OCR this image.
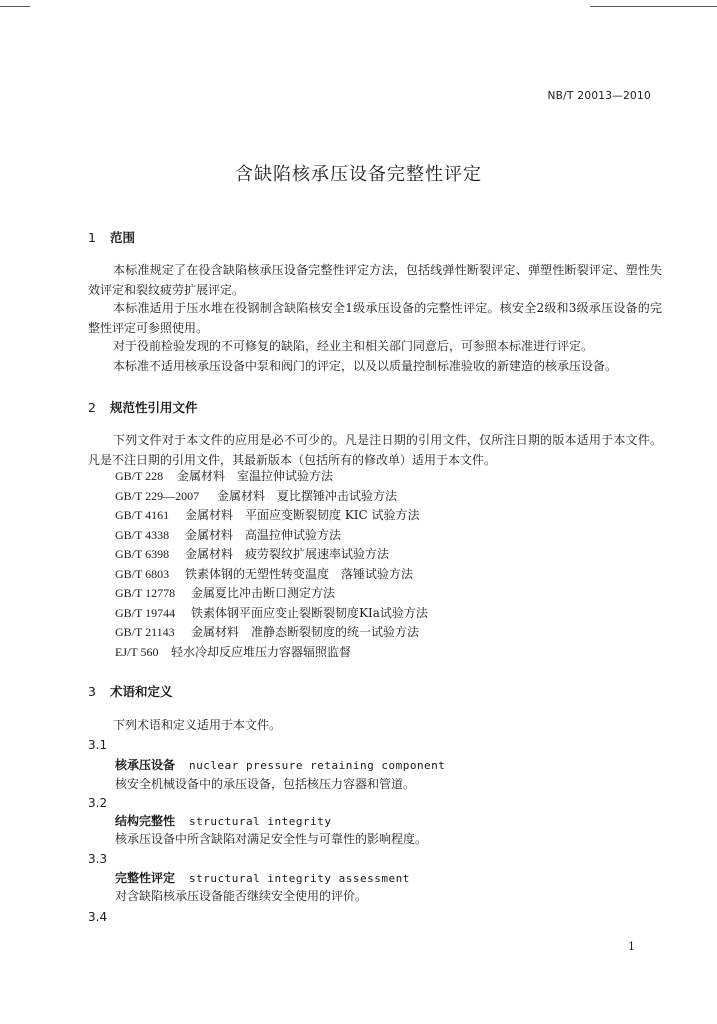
NB/T 20013—2010
含缺陷核承压设备完整性评定
1 范围
本标准规定了在役含缺陷核承压设备完整性评定方法，包括线弹性断裂评定、弹塑性断裂评定、塑性失效评定和裂纹疲劳扩展评定。
本标准适用于压水堆在役钢制含缺陷核安全1级承压设备的完整性评定。核安全2级和3级承压设备的完整性评定可参照使用。
对于役前检验发现的不可修复的缺陷，经业主和相关部门同意后，可参照本标准进行评定。
本标准不适用核承压设备中泵和阀门的评定，以及以质量控制标准验收的新建造的核承压设备。
2 规范性引用文件
下列文件对于本文件的应用是必不可少的。凡是注日期的引用文件，仅所注日期的版本适用于本文件。凡是不注日期的引用文件，其最新版本（包括所有的修改单）适用于本文件。
GB/T 228 金属材料　室温拉伸试验方法
GB/T 229—2007 金属材料　夏比摆锤冲击试验方法
GB/T 4161 金属材料　平面应变断裂韧度 KIC 试验方法
GB/T 4338 金属材料　高温拉伸试验方法
GB/T 6398 金属材料　疲劳裂纹扩展速率试验方法
GB/T 6803 铁素体钢的无塑性转变温度　落锤试验方法
GB/T 12778 金属夏比冲击断口测定方法
GB/T 19744 铁素体钢平面应变止裂断裂韧度KIa试验方法
GB/T 21143 金属材料　准静态断裂韧度的统一试验方法
EJ/T 560 轻水冷却反应堆压力容器辐照监督
3 术语和定义
下列术语和定义适用于本文件。
3.1
核承压设备 nuclear pressure retaining component
核安全机械设备中的承压设备，包括核压力容器和管道。
3.2
结构完整性 structural integrity
核承压设备中所含缺陷对满足安全性与可靠性的影响程度。
3.3
完整性评定 structural integrity assessment
对含缺陷核承压设备能否继续安全使用的评价。
3.4
1
